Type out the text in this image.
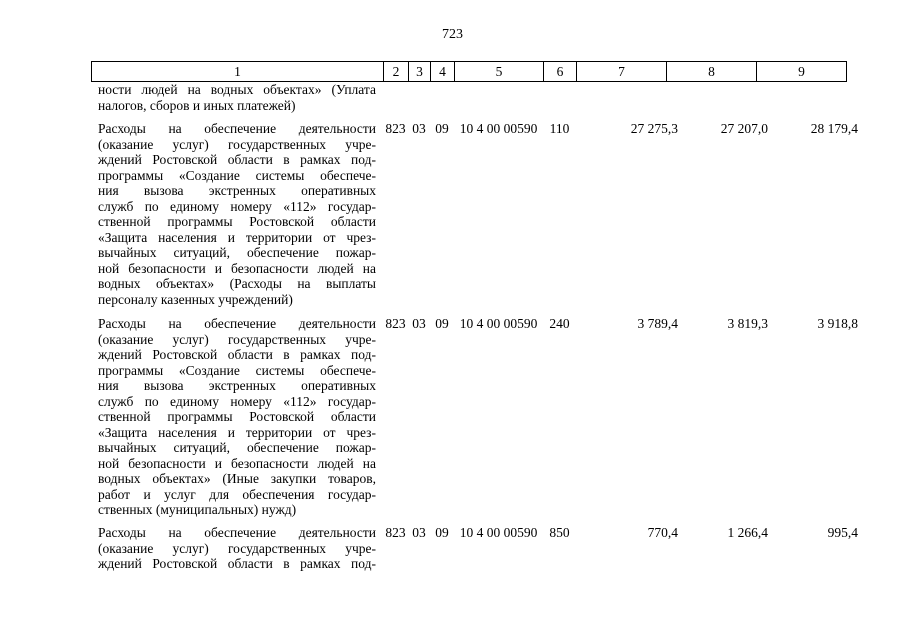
723
1	2	3	4	5	6	7	8	9
ности людей на водных объектах» (Уплата
налогов, сборов и иных платежей)
Расходы на обеспечение деятельности
(оказание услуг) государственных учре-
ждений Ростовской области в рамках под-
программы «Создание системы обеспече-
ния вызова экстренных оперативных
служб по единому номеру «112» государ-
ственной программы Ростовской области
«Защита населения и территории от чрез-
вычайных ситуаций, обеспечение пожар-
ной безопасности и безопасности людей на
водных объектах» (Расходы на выплаты
персоналу казенных учреждений)
823 03 09 10 4 00 00590 110	27 275,3	27 207,0	28 179,4
Расходы на обеспечение деятельности
(оказание услуг) государственных учре-
ждений Ростовской области в рамках под-
программы «Создание системы обеспече-
ния вызова экстренных оперативных
служб по единому номеру «112» государ-
ственной программы Ростовской области
«Защита населения и территории от чрез-
вычайных ситуаций, обеспечение пожар-
ной безопасности и безопасности людей на
водных объектах» (Иные закупки товаров,
работ и услуг для обеспечения государ-
ственных (муниципальных) нужд)
823 03 09 10 4 00 00590 240	3 789,4	3 819,3	3 918,8
Расходы на обеспечение деятельности
(оказание услуг) государственных учре-
ждений Ростовской области в рамках под-
823 03 09 10 4 00 00590 850	770,4	1 266,4	995,4
